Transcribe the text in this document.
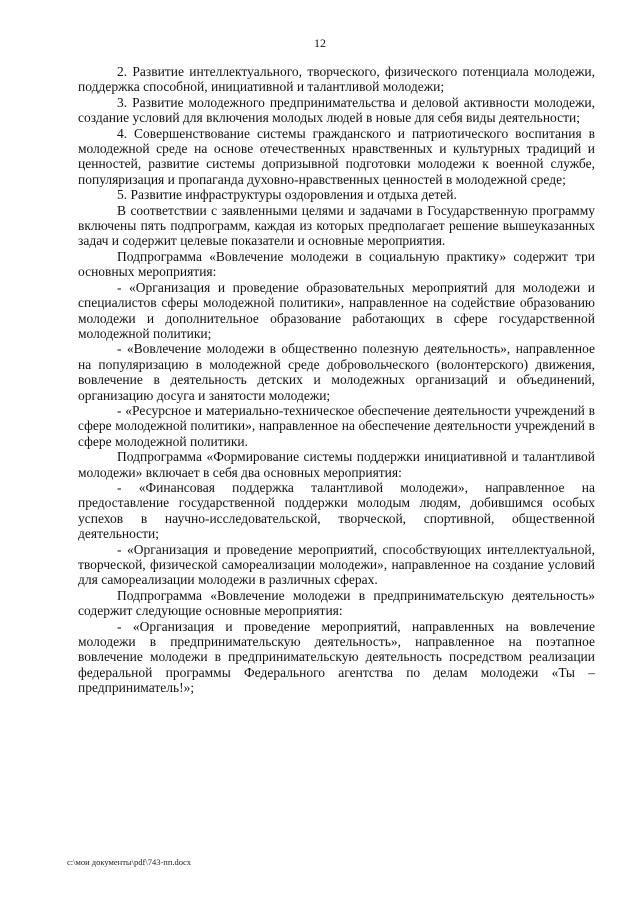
12

2. Развитие интеллектуального, творческого, физического потенциала молодежи, поддержка способной, инициативной и талантливой молодежи;

3. Развитие молодежного предпринимательства и деловой активности молодежи, создание условий для включения молодых людей в новые для себя виды деятельности;

4. Совершенствование системы гражданского и патриотического воспитания в молодежной среде на основе отечественных нравственных и культурных традиций и ценностей, развитие системы допризывной подготовки молодежи к военной службе, популяризация и пропаганда духовно-нравственных ценностей в молодежной среде;

5. Развитие инфраструктуры оздоровления и отдыха детей.

В соответствии с заявленными целями и задачами в Государственную программу включены пять подпрограмм, каждая из которых предполагает решение вышеуказанных задач и содержит целевые показатели и основные мероприятия.

Подпрограмма «Вовлечение молодежи в социальную практику» содержит три основных мероприятия:

- «Организация и проведение образовательных мероприятий для молодежи и специалистов сферы молодежной политики», направленное на содействие образованию молодежи и дополнительное образование работающих в сфере государственной молодежной политики;

- «Вовлечение молодежи в общественно полезную деятельность», направленное на популяризацию в молодежной среде добровольческого (волонтерского) движения, вовлечение в деятельность детских и молодежных организаций и объединений, организацию досуга и занятости молодежи;

- «Ресурсное и материально-техническое обеспечение деятельности учреждений в сфере молодежной политики», направленное на обеспечение деятельности учреждений в сфере молодежной политики.

Подпрограмма «Формирование системы поддержки инициативной и талантливой молодежи» включает в себя два основных мероприятия:

- «Финансовая поддержка талантливой молодежи», направленное на предоставление государственной поддержки молодым людям, добившимся особых успехов в научно-исследовательской, творческой, спортивной, общественной деятельности;

- «Организация и проведение мероприятий, способствующих интеллектуальной, творческой, физической самореализации молодежи», направленное на создание условий для самореализации молодежи в различных сферах.

Подпрограмма «Вовлечение молодежи в предпринимательскую деятельность» содержит следующие основные мероприятия:

- «Организация и проведение мероприятий, направленных на вовлечение молодежи в предпринимательскую деятельность», направленное на поэтапное вовлечение молодежи в предпринимательскую деятельность посредством реализации федеральной программы Федерального агентства по делам молодежи «Ты – предприниматель!»;

c:\мои документы\pdf\743-пп.docx
